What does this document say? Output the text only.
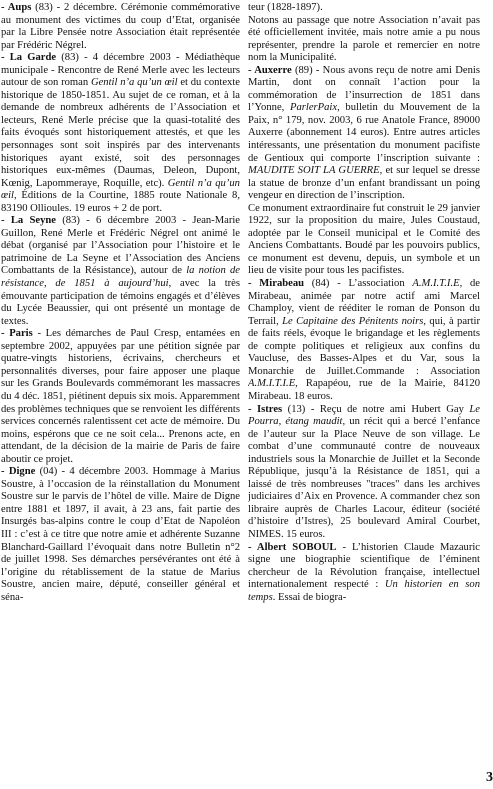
- Aups (83) - 2 décembre. Cérémonie commémorative au monument des victimes du coup d’Etat, organisée par la Libre Pensée notre Association était représentée par Frédéric Négrel.

- La Garde (83) - 4 décembre 2003 - Médiathèque municipale - Rencontre de René Merle avec les lecteurs autour de son roman Gentil n’a qu’un œil et du contexte historique de 1850-1851. Au sujet de ce roman, et à la demande de nombreux adhérents de l’Association et lecteurs, René Merle précise que la quasi-totalité des faits évoqués sont historiquement attestés, et que les personnages sont soit inspirés par des intervenants historiques ayant existé, soit des personnages historiques eux-mêmes (Daumas, Deleon, Dupont, Kœnig, Lapommeraye, Roquille, etc). Gentil n’a qu’un œil, Éditions de la Courtine, 1885 route Nationale 8, 83190 Ollioules. 19 euros + 2 de port.

- La Seyne (83) - 6 décembre 2003 - Jean-Marie Guillon, René Merle et Frédéric Négrel ont animé le débat (organisé par l’Association pour l’histoire et le patrimoine de La Seyne et l’Association des Anciens Combattants de la Résistance), autour de la notion de résistance, de 1851 à aujourd’hui, avec la très émouvante participation de témoins engagés et d’élèves du Lycée Beaussier, qui ont présenté un montage de textes.

- Paris - Les démarches de Paul Cresp, entamées en septembre 2002, appuyées par une pétition signée par quatre-vingts historiens, écrivains, chercheurs et personnalités diverses, pour faire apposer une plaque sur les Grands Boulevards commémorant les massacres du 4 déc. 1851, piétinent depuis six mois. Apparemment des problèmes techniques que se renvoient les différents services concernés ralentissent cet acte de mémoire. Du moins, espérons que ce ne soit cela... Prenons acte, en attendant, de la décision de la mairie de Paris de faire aboutir ce projet.

- Digne (04) - 4 décembre 2003. Hommage à Marius Soustre, à l’occasion de la réinstallation du Monument Soustre sur le parvis de l’hôtel de ville. Maire de Digne entre 1881 et 1897, il avait, à 23 ans, fait partie des Insurgés bas-alpins contre le coup d’Etat de Napoléon III : c’est à ce titre que notre amie et adhérente Suzanne Blanchard-Gaillard l’évoquait dans notre Bulletin n°2 de juillet 1998. Ses démarches persévérantes ont été à l’origine du rétablissement de la statue de Marius Soustre, ancien maire, député, conseiller général et séna-

teur (1828-1897).

Notons au passage que notre Association n’avait pas été officiellement invitée, mais notre amie a pu nous représenter, prendre la parole et remercier en notre nom la Municipalité.

- Auxerre (89) - Nous avons reçu de notre ami Denis Martin, dont on connaît l’action pour la commémoration de l’insurrection de 1851 dans l’Yonne, ParlerPaix, bulletin du Mouvement de la Paix, n° 179, nov. 2003, 6 rue Anatole France, 89000 Auxerre (abonnement 14 euros). Entre autres articles intéressants, une présentation du monument pacifiste de Gentioux qui comporte l’inscription suivante : MAUDITE SOIT LA GUERRE, et sur lequel se dresse la statue de bronze d’un enfant brandissant un poing vengeur en direction de l’inscription.

Ce monument extraordinaire fut construit le 29 janvier 1922, sur la proposition du maire, Jules Coustaud, adoptée par le Conseil municipal et le Comité des Anciens Combattants. Boudé par les pouvoirs publics, ce monument est devenu, depuis, un symbole et un lieu de visite pour tous les pacifistes.

- Mirabeau (84) - L’association A.M.I.T.I.E, de Mirabeau, animée par notre actif ami Marcel Champloy, vient de rééditer le roman de Ponson du Terrail, Le Capitaine des Pénitents noirs, qui, à partir de faits réels, évoque le brigandage et les règlements de compte politiques et religieux aux confins du Vaucluse, des Basses-Alpes et du Var, sous la Monarchie de Juillet.Commande : Association A.M.I.T.I.E, Rapapéou, rue de la Mairie, 84120 Mirabeau. 18 euros.

- Istres (13) - Reçu de notre ami Hubert Gay Le Pourra, étang maudit, un récit qui a bercé l’enfance de l’auteur sur la Place Neuve de son village. Le combat d’une communauté contre de nouveaux industriels sous la Monarchie de Juillet et la Seconde République, jusqu’à la Résistance de 1851, qui a laissé de très nombreuses "traces" dans les archives judiciaires d’Aix en Provence. A commander chez son libraire auprès de Charles Lacour, éditeur (société d’histoire d’Istres), 25 boulevard Amiral Courbet, NIMES. 15 euros.

- Albert SOBOUL - L’historien Claude Mazauric signe une biographie scientifique de l’éminent chercheur de la Révolution française, intellectuel internationalement respecté : Un historien en son temps. Essai de biogra-

3
